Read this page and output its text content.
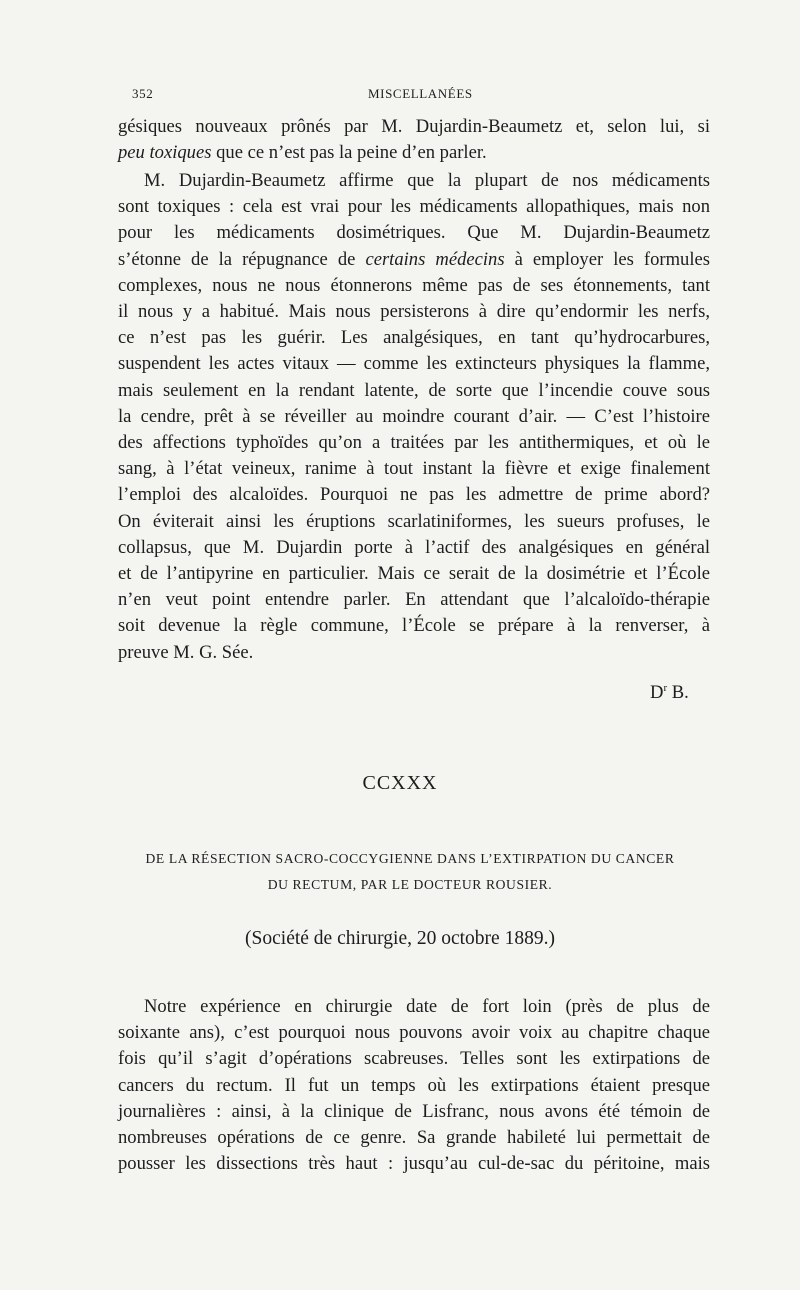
352	MISCELLANÉES

gésiques nouveaux prônés par M. Dujardin-Beaumetz et, selon lui, si
peu toxiques que ce n’est pas la peine d’en parler.

M. Dujardin-Beaumetz affirme que la plupart de nos médicaments
sont toxiques : cela est vrai pour les médicaments allopathiques, mais non
pour les médicaments dosimétriques. Que M. Dujardin-Beaumetz
s’étonne de la répugnance de certains médecins à employer les formules
complexes, nous ne nous étonnerons même pas de ses étonnements, tant
il nous y a habitué. Mais nous persisterons à dire qu’endormir les nerfs,
ce n’est pas les guérir. Les analgésiques, en tant qu’hydrocarbures,
suspendent les actes vitaux — comme les extincteurs physiques la flamme,
mais seulement en la rendant latente, de sorte que l’incendie couve sous
la cendre, prêt à se réveiller au moindre courant d’air. — C’est l’histoire
des affections typhoïdes qu’on a traitées par les antithermiques, et où le
sang, à l’état veineux, ranime à tout instant la fièvre et exige finalement
l’emploi des alcaloïdes. Pourquoi ne pas les admettre de prime abord?
On éviterait ainsi les éruptions scarlatiniformes, les sueurs profuses, le
collapsus, que M. Dujardin porte à l’actif des analgésiques en général
et de l’antipyrine en particulier. Mais ce serait de la dosimétrie et l’École
n’en veut point entendre parler. En attendant que l’alcaloïdo-thérapie
soit devenue la règle commune, l’École se prépare à la renverser, à
preuve M. G. Sée.

$D^r$ B.
CCXXX
DE LA RÉSECTION SACRO-COCCYGIENNE DANS L’EXTIRPATION DU CANCER
DU RECTUM, PAR LE DOCTEUR ROUSIER.
(Société de chirurgie, 20 octobre 1889.)

Notre expérience en chirurgie date de fort loin (près de plus de
soixante ans), c’est pourquoi nous pouvons avoir voix au chapitre chaque
fois qu’il s’agit d’opérations scabreuses. Telles sont les extirpations de
cancers du rectum. Il fut un temps où les extirpations étaient presque
journalières : ainsi, à la clinique de Lisfranc, nous avons été témoin de
nombreuses opérations de ce genre. Sa grande habileté lui permettait de
pousser les dissections très haut : jusqu’au cul-de-sac du péritoine, mais
